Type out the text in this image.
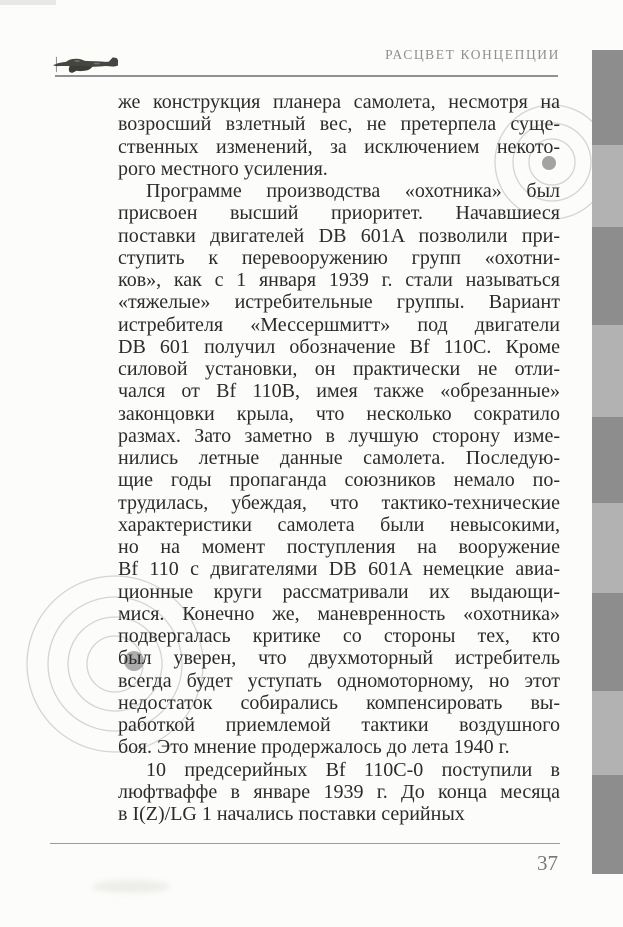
РАСЦВЕТ КОНЦЕПЦИИ
же конструкция планера самолета, несмотря на
возросший взлетный вес, не претерпела суще-
ственных изменений, за исключением некото-
рого местного усиления.
Программе производства «охотника» был
присвоен высший приоритет. Начавшиеся
поставки двигателей DB 601A позволили при-
ступить к перевооружению групп «охотни-
ков», как с 1 января 1939 г. стали называться
«тяжелые» истребительные группы. Вариант
истребителя «Мессершмитт» под двигатели
DB 601 получил обозначение Bf 110C. Кроме
силовой установки, он практически не отли-
чался от Bf 110B, имея также «обрезанные»
законцовки крыла, что несколько сократило
размах. Зато заметно в лучшую сторону изме-
нились летные данные самолета. Последую-
щие годы пропаганда союзников немало по-
трудилась, убеждая, что тактико-технические
характеристики самолета были невысокими,
но на момент поступления на вооружение
Bf 110 с двигателями DB 601A немецкие авиа-
ционные круги рассматривали их выдающи-
мися. Конечно же, маневренность «охотника»
подвергалась критике со стороны тех, кто
был уверен, что двухмоторный истребитель
всегда будет уступать одномоторному, но этот
недостаток собирались компенсировать вы-
работкой приемлемой тактики воздушного
боя. Это мнение продержалось до лета 1940 г.
10 предсерийных Bf 110C-0 поступили в
люфтваффе в январе 1939 г. До конца месяца
в I(Z)/LG 1 начались поставки серийных
37
